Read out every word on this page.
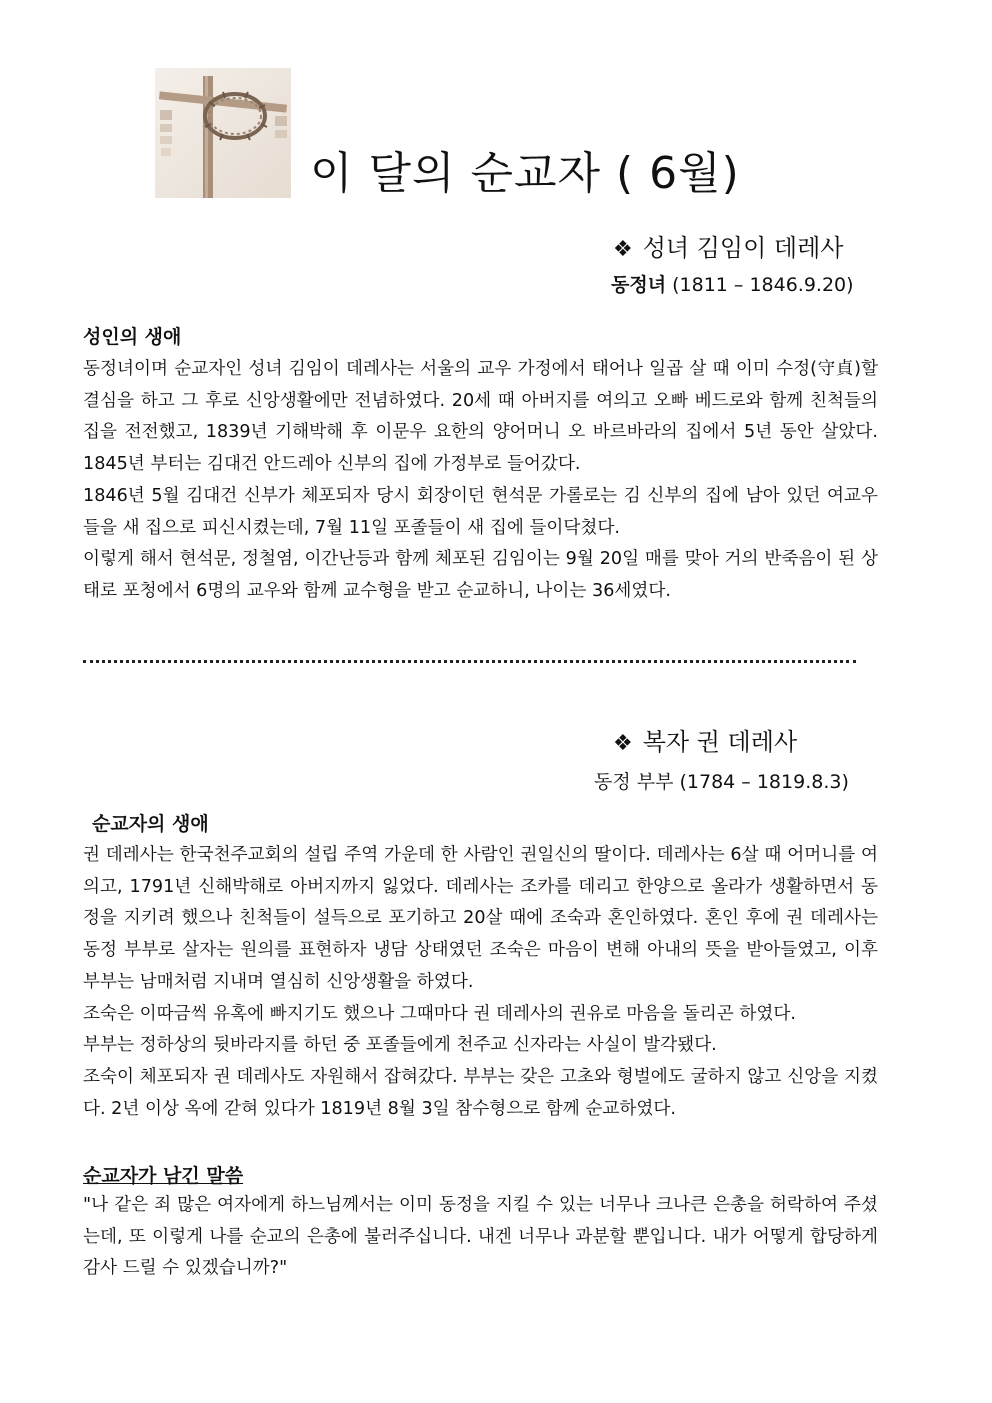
이 달의 순교자 ( 6월)
❖ 성녀 김임이 데레사
동정녀 (1811 – 1846.9.20)
성인의 생애

동정녀이며 순교자인 성녀 김임이 데레사는 서울의 교우 가정에서 태어나 일곱 살 때 이미 수정(守貞)할 결심을 하고 그 후로 신앙생활에만 전념하였다. 20세 때 아버지를 여의고 오빠 베드로와 함께 친척들의 집을 전전했고, 1839년 기해박해 후 이문우 요한의 양어머니 오 바르바라의 집에서 5년 동안 살았다. 1845년 부터는 김대건 안드레아 신부의 집에 가정부로 들어갔다.

1846년 5월 김대건 신부가 체포되자 당시 회장이던 현석문 가롤로는 김 신부의 집에 남아 있던 여교우들을 새 집으로 피신시켰는데, 7월 11일 포졸들이 새 집에 들이닥쳤다.

이렇게 해서 현석문, 정철염, 이간난등과 함께 체포된 김임이는 9월 20일 매를 맞아 거의 반죽음이 된 상태로 포청에서 6명의 교우와 함께 교수형을 받고 순교하니, 나이는 36세였다.

❖ 복자 권 데레사
동정 부부 (1784 – 1819.8.3)
순교자의 생애

권 데레사는 한국천주교회의 설립 주역 가운데 한 사람인 권일신의 딸이다. 데레사는 6살 때 어머니를 여의고, 1791년 신해박해로 아버지까지 잃었다. 데레사는 조카를 데리고 한양으로 올라가 생활하면서 동정을 지키려 했으나 친척들이 설득으로 포기하고 20살 때에 조숙과 혼인하였다. 혼인 후에 권 데레사는 동정 부부로 살자는 원의를 표현하자 냉담 상태였던 조숙은 마음이 변해 아내의 뜻을 받아들였고, 이후 부부는 남매처럼 지내며 열심히 신앙생활을 하였다.

조숙은 이따금씩 유혹에 빠지기도 했으나 그때마다 권 데레사의 권유로 마음을 돌리곤 하였다.

부부는 정하상의 뒷바라지를 하던 중 포졸들에게 천주교 신자라는 사실이 발각됐다.

조숙이 체포되자 권 데레사도 자원해서 잡혀갔다. 부부는 갖은 고초와 형벌에도 굴하지 않고 신앙을 지켰다. 2년 이상 옥에 갇혀 있다가 1819년 8월 3일 참수형으로 함께 순교하였다.

순교자가 남긴 말씀

"나 같은 죄 많은 여자에게 하느님께서는 이미 동정을 지킬 수 있는 너무나 크나큰 은총을 허락하여 주셨는데, 또 이렇게 나를 순교의 은총에 불러주십니다. 내겐 너무나 과분할 뿐입니다. 내가 어떻게 합당하게 감사 드릴 수 있겠습니까?"
